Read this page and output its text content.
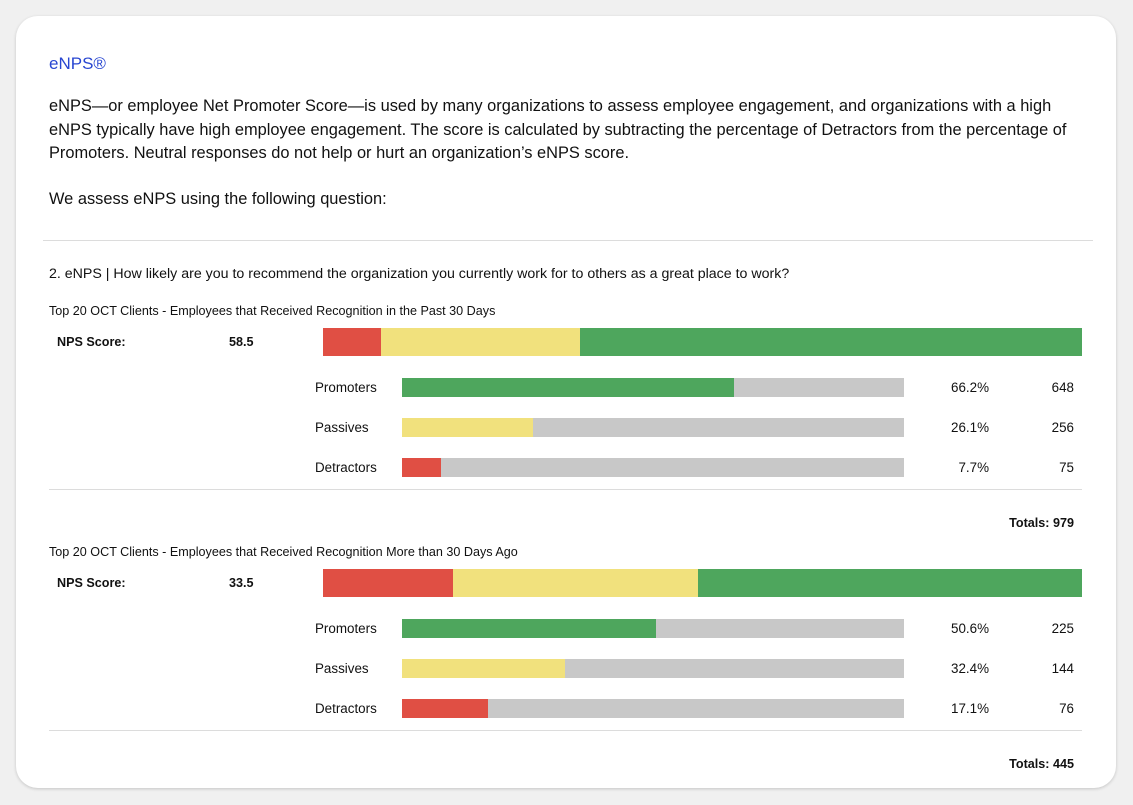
eNPS®

eNPS—or employee Net Promoter Score—is used by many organizations to assess employee engagement, and organizations with a high eNPS typically have high employee engagement. The score is calculated by subtracting the percentage of Detractors from the percentage of Promoters. Neutral responses do not help or hurt an organization’s eNPS score.

We assess eNPS using the following question:

2. eNPS | How likely are you to recommend the organization you currently work for to others as a great place to work?
Top 20 OCT Clients - Employees that Received Recognition in the Past 30 Days
NPS Score:	58.5
Promoters	66.2%	648
Passives	26.1%	256
Detractors	7.7%	75
Totals: 979
Top 20 OCT Clients - Employees that Received Recognition More than 30 Days Ago
NPS Score:	33.5
Promoters	50.6%	225
Passives	32.4%	144
Detractors	17.1%	76
Totals: 445
